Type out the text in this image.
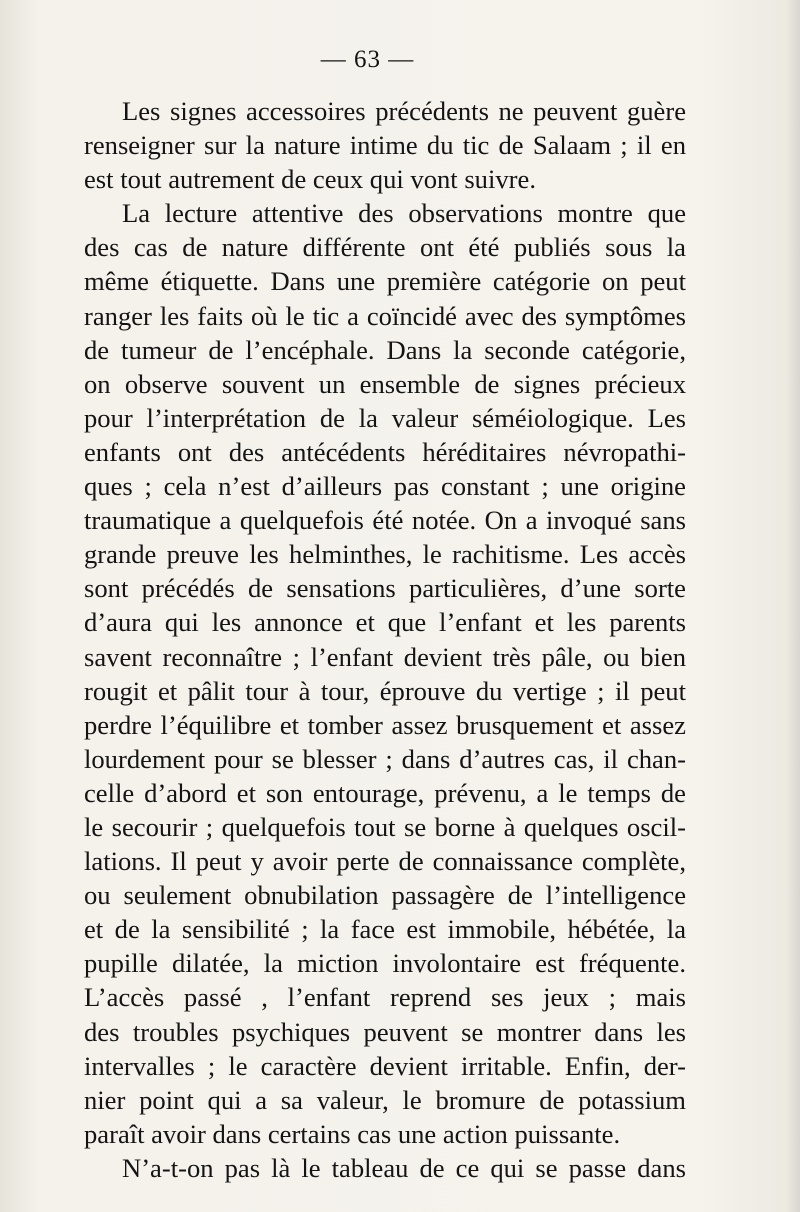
— 63 —
Les signes accessoires précédents ne peuvent guère
renseigner sur la nature intime du tic de Salaam ; il en
est tout autrement de ceux qui vont suivre.
La lecture attentive des observations montre que
des cas de nature différente ont été publiés sous la
même étiquette. Dans une première catégorie on peut
ranger les faits où le tic a coïncidé avec des symptômes
de tumeur de l’encéphale. Dans la seconde catégorie,
on observe souvent un ensemble de signes précieux
pour l’interprétation de la valeur séméiologique. Les
enfants ont des antécédents héréditaires névropathi-
ques ; cela n’est d’ailleurs pas constant ; une origine
traumatique a quelquefois été notée. On a invoqué sans
grande preuve les helminthes, le rachitisme. Les accès
sont précédés de sensations particulières, d’une sorte
d’aura qui les annonce et que l’enfant et les parents
savent reconnaître ; l’enfant devient très pâle, ou bien
rougit et pâlit tour à tour, éprouve du vertige ; il peut
perdre l’équilibre et tomber assez brusquement et assez
lourdement pour se blesser ; dans d’autres cas, il chan-
celle d’abord et son entourage, prévenu, a le temps de
le secourir ; quelquefois tout se borne à quelques oscil-
lations. Il peut y avoir perte de connaissance complète,
ou seulement obnubilation passagère de l’intelligence
et de la sensibilité ; la face est immobile, hébétée, la
pupille dilatée, la miction involontaire est fréquente.
L’accès passé , l’enfant reprend ses jeux ; mais
des troubles psychiques peuvent se montrer dans les
intervalles ; le caractère devient irritable. Enfin, der-
nier point qui a sa valeur, le bromure de potassium
paraît avoir dans certains cas une action puissante.
N’a-t-on pas là le tableau de ce qui se passe dans
